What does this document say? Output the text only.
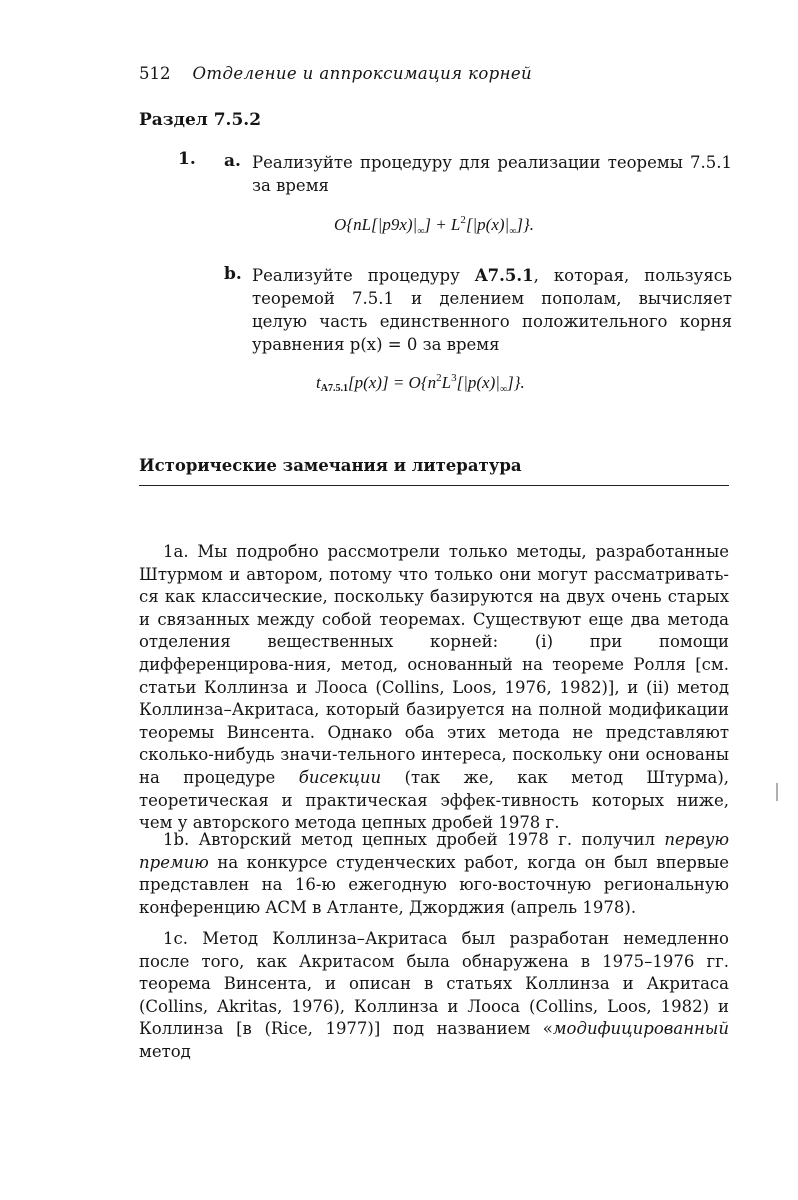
512 Отделение и аппроксимация корней
Раздел 7.5.2
1. a. Реализуйте процедуру для реализации теоремы 7.5.1 за время
$O\{nL[|p9x)|_\infty] + L^2[|p(x)|_\infty]$}.
b. Реализуйте процедуру A7.5.1, которая, пользуясь теоремой 7.5.1 и делением пополам, вычисляет целую часть единственного положительного корня уравнения p(x) = 0 за время
$t_{A7.5.1}[p(x)] = O\{n^2L^3[|p(x)|_\infty]\}$.
Исторические замечания и литература
1a. Мы подробно рассмотрели только методы, разработанные Штурмом и автором, потому что только они могут рассматривать-ся как классические, поскольку базируются на двух очень старых и связанных между собой теоремах. Существуют еще два метода отделения вещественных корней: (i) при помощи дифференцирова-ния, метод, основанный на теореме Ролля [см. статьи Коллинза и Лооса (Collins, Loos, 1976, 1982)], и (ii) метод Коллинза–Акритаса, который базируется на полной модификации теоремы Винсента. Однако оба этих метода не представляют сколько-нибудь значи-тельного интереса, поскольку они основаны на процедуре бисекции (так же, как метод Штурма), теоретическая и практическая эффек-тивность которых ниже, чем у авторского метода цепных дробей 1978 г.
1b. Авторский метод цепных дробей 1978 г. получил первую премию на конкурсе студенческих работ, когда он был впервые представлен на 16-ю ежегодную юго-восточную региональную конференцию ACM в Атланте, Джорджия (апрель 1978).
1c. Метод Коллинза–Акритаса был разработан немедленно после того, как Акритасом была обнаружена в 1975–1976 гг. теорема Винсента, и описан в статьях Коллинза и Акритаса (Collins, Akritas, 1976), Коллинза и Лооса (Collins, Loos, 1982) и Коллинза [в (Rice, 1977)] под названием «модифицированный метод
